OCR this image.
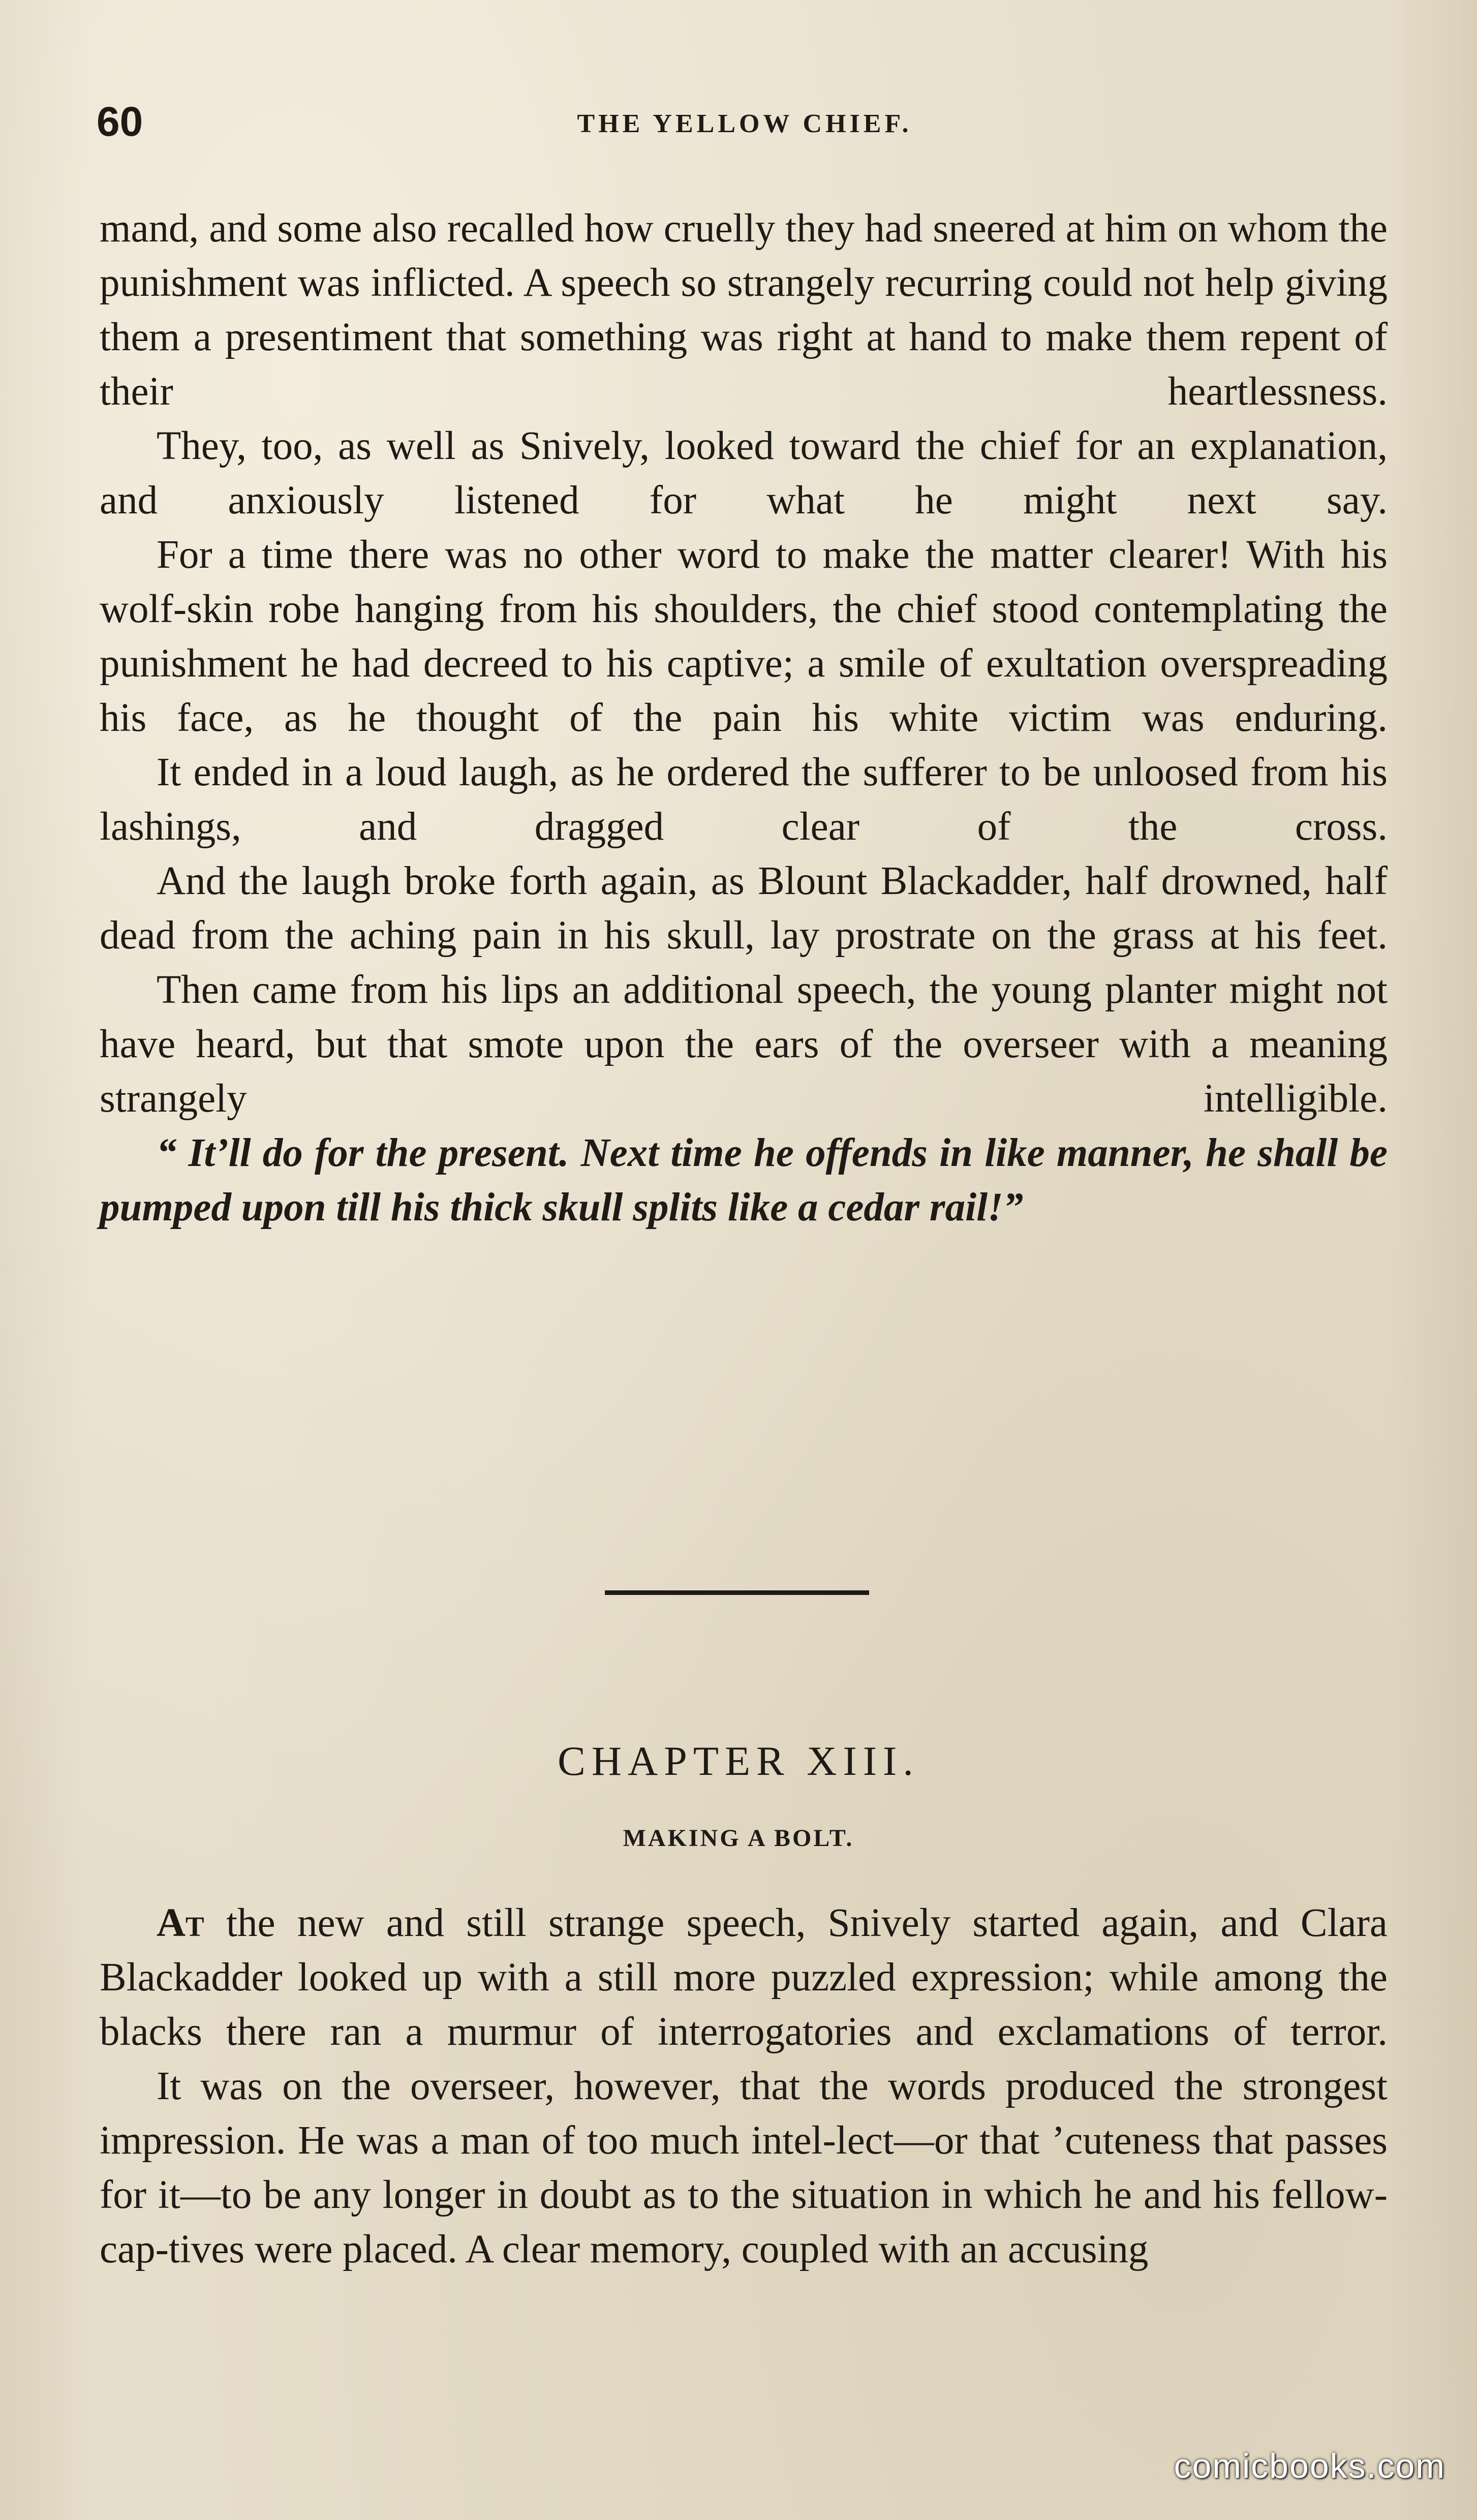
60	THE YELLOW CHIEF.

mand, and some also recalled how cruelly they had sneered at him on whom the punishment was inflicted. A speech so strangely recurring could not help giving them a presentiment that something was right at hand to make them repent of their heartlessness.

They, too, as well as Snively, looked toward the chief for an explanation, and anxiously listened for what he might next say.

For a time there was no other word to make the matter clearer! With his wolf-skin robe hanging from his shoulders, the chief stood contemplating the punishment he had decreed to his captive; a smile of exultation overspreading his face, as he thought of the pain his white victim was enduring.

It ended in a loud laugh, as he ordered the sufferer to be unloosed from his lashings, and dragged clear of the cross.

And the laugh broke forth again, as Blount Blackadder, half drowned, half dead from the aching pain in his skull, lay prostrate on the grass at his feet.

Then came from his lips an additional speech, the young planter might not have heard, but that smote upon the ears of the overseer with a meaning strangely intelligible.

“ It’ll do for the present. Next time he offends in like manner, he shall be pumped upon till his thick skull splits like a cedar rail!”

CHAPTER XIII.
MAKING A BOLT.

At the new and still strange speech, Snively started again, and Clara Blackadder looked up with a still more puzzled expression; while among the blacks there ran a murmur of interrogatories and exclamations of terror.

It was on the overseer, however, that the words produced the strongest impression. He was a man of too much intel-lect—or that ’cuteness that passes for it—to be any longer in doubt as to the situation in which he and his fellow-cap-tives were placed. A clear memory, coupled with an accusing

comicbooks.com
